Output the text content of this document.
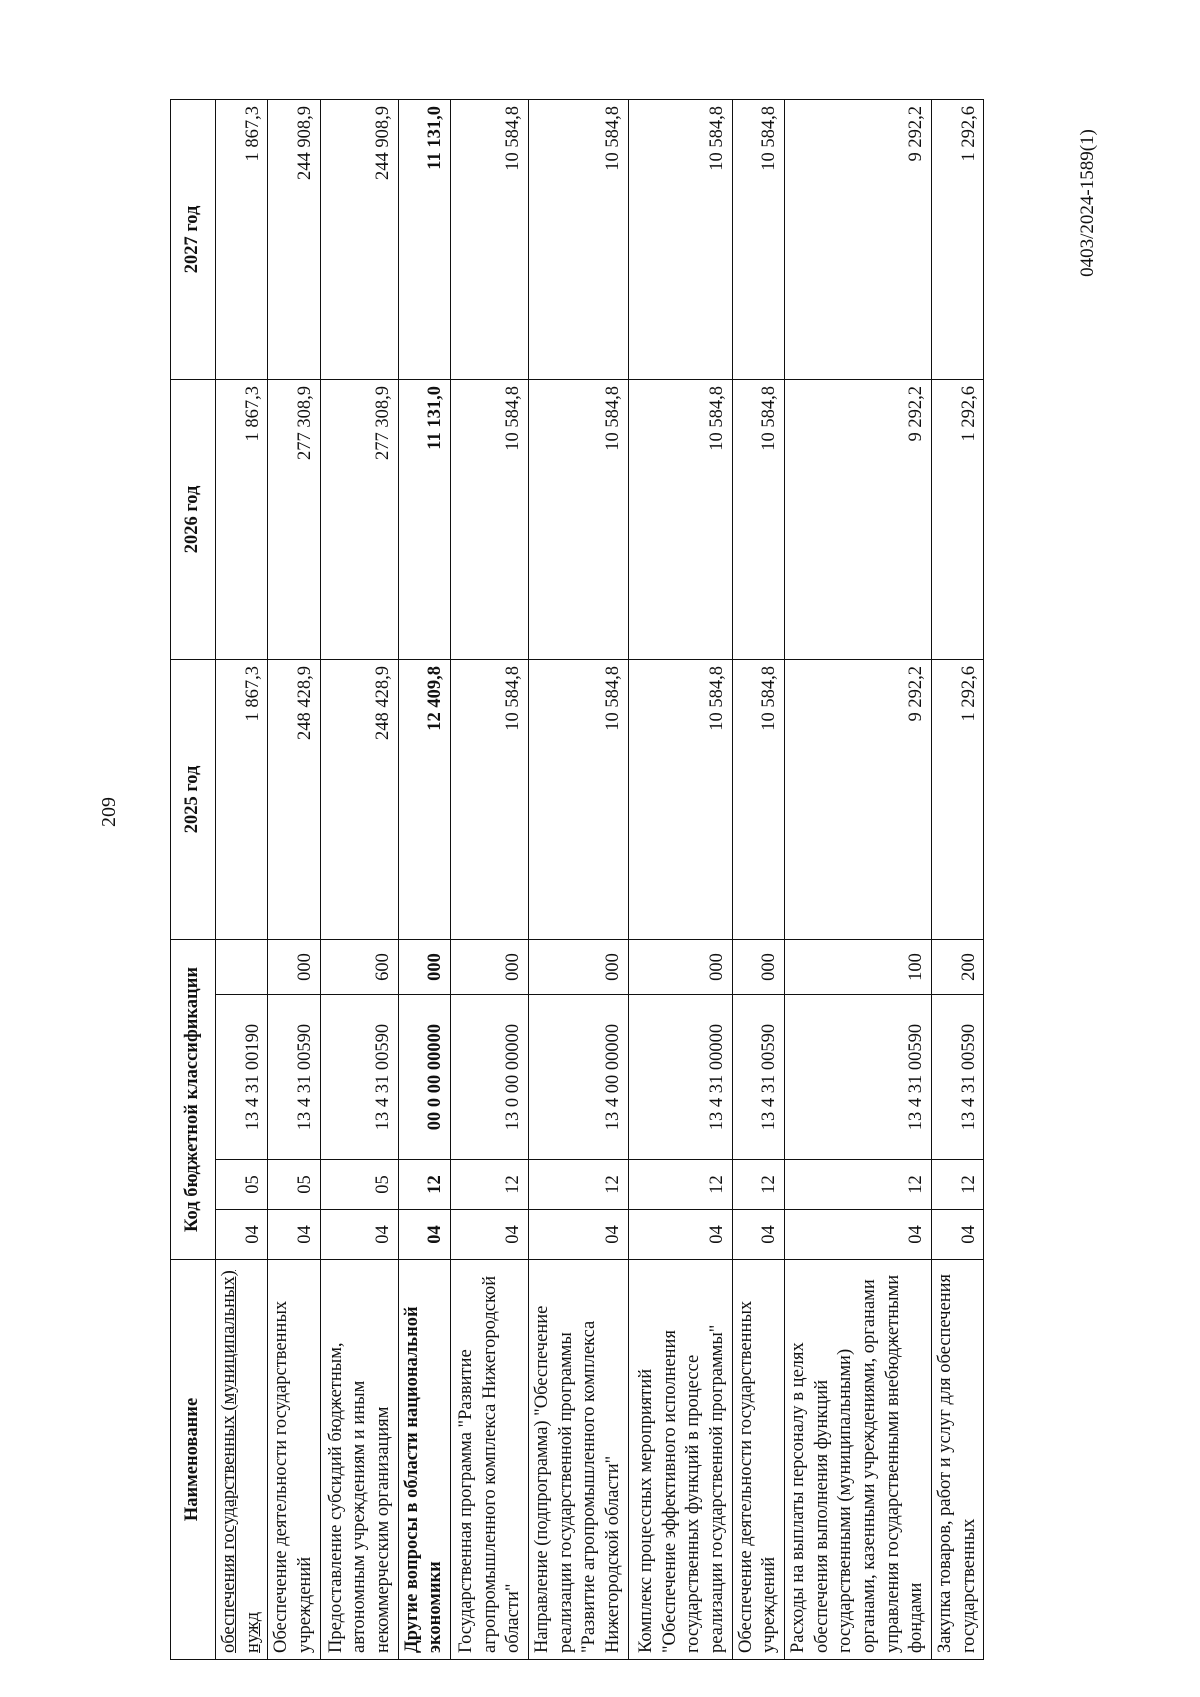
209
0403/2024-1589(1)
Наименование	Код бюджетной классификации				2025 год	2026 год	2027 год
обеспечения государственных (муниципальных) нужд	04	05	13 4 31 00190		1 867,3	1 867,3	1 867,3
Обеспечение деятельности государственных учреждений	04	05	13 4 31 00590	000	248 428,9	277 308,9	244 908,9
Предоставление субсидий бюджетным, автономным учреждениям и иным некоммерческим организациям	04	05	13 4 31 00590	600	248 428,9	277 308,9	244 908,9
Другие вопросы в области национальной экономики	04	12	00 0 00 00000	000	12 409,8	11 131,0	11 131,0
Государственная программа "Развитие агропромышленного комплекса Нижегородской области"	04	12	13 0 00 00000	000	10 584,8	10 584,8	10 584,8
Направление (подпрограмма) "Обеспечение реализации государственной программы "Развитие агропромышленного комплекса Нижегородской области"	04	12	13 4 00 00000	000	10 584,8	10 584,8	10 584,8
Комплекс процессных мероприятий "Обеспечение эффективного исполнения государственных функций в процессе реализации государственной программы"	04	12	13 4 31 00000	000	10 584,8	10 584,8	10 584,8
Обеспечение деятельности государственных учреждений	04	12	13 4 31 00590	000	10 584,8	10 584,8	10 584,8
Расходы на выплаты персоналу в целях обеспечения выполнения функций государственными (муниципальными) органами, казенными учреждениями, органами управления государственными внебюджетными фондами	04	12	13 4 31 00590	100	9 292,2	9 292,2	9 292,2
Закупка товаров, работ и услуг для обеспечения государственных	04	12	13 4 31 00590	200	1 292,6	1 292,6	1 292,6
